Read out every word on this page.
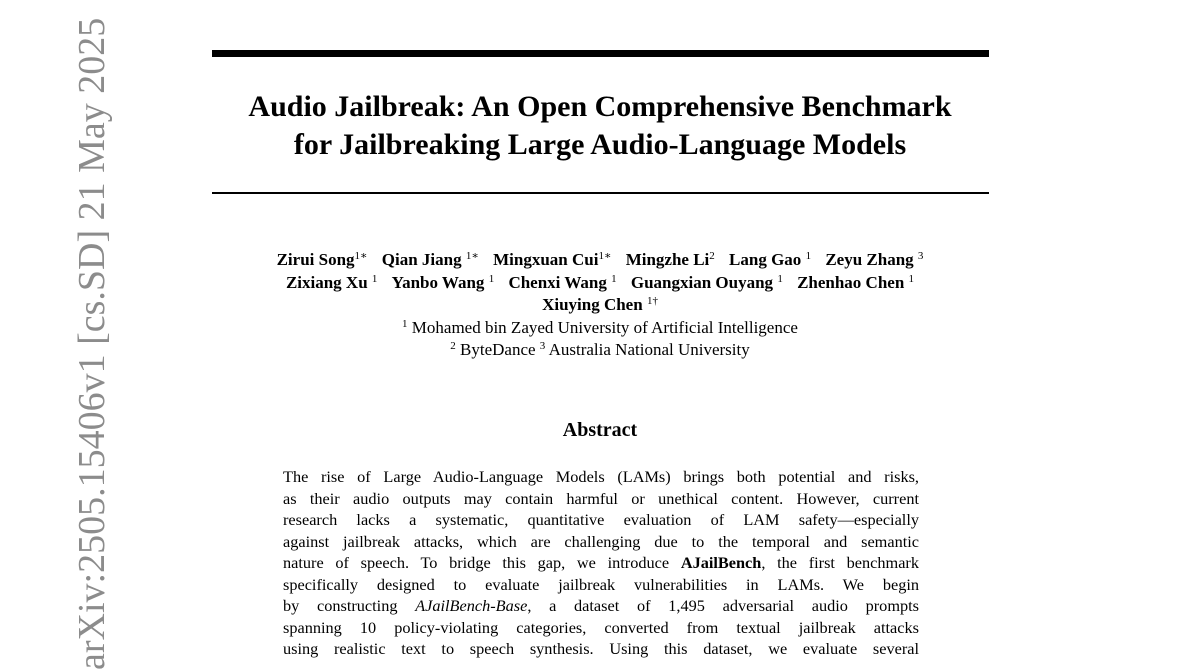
arXiv:2505.15406v1 [cs.SD] 21 May 2025	Audio Jailbreak: An Open Comprehensive Benchmark
for Jailbreaking Large Audio-Language Models
Zirui Song$^{1∗}$ Qian Jiang $^{1∗}$ Mingxuan Cui$^{1∗}$ Mingzhe Li$^2$ Lang Gao $^1$ Zeyu Zhang $^3$
Zixiang Xu $^1$ Yanbo Wang $^1$ Chenxi Wang $^1$ Guangxian Ouyang $^1$ Zhenhao Chen $^1$
Xiuying Chen $^{1\dagger}$
$^1$ Mohamed bin Zayed University of Artificial Intelligence
$^2$ ByteDance $^3$ Australia National University
Abstract
The rise of Large Audio-Language Models (LAMs) brings both potential and risks,
as their audio outputs may contain harmful or unethical content. However, current
research lacks a systematic, quantitative evaluation of LAM safety—especially
against jailbreak attacks, which are challenging due to the temporal and semantic
nature of speech. To bridge this gap, we introduce AJailBench, the first benchmark
specifically designed to evaluate jailbreak vulnerabilities in LAMs. We begin
by constructing AJailBench-Base, a dataset of 1,495 adversarial audio prompts
spanning 10 policy-violating categories, converted from textual jailbreak attacks
using realistic text to speech synthesis. Using this dataset, we evaluate several
